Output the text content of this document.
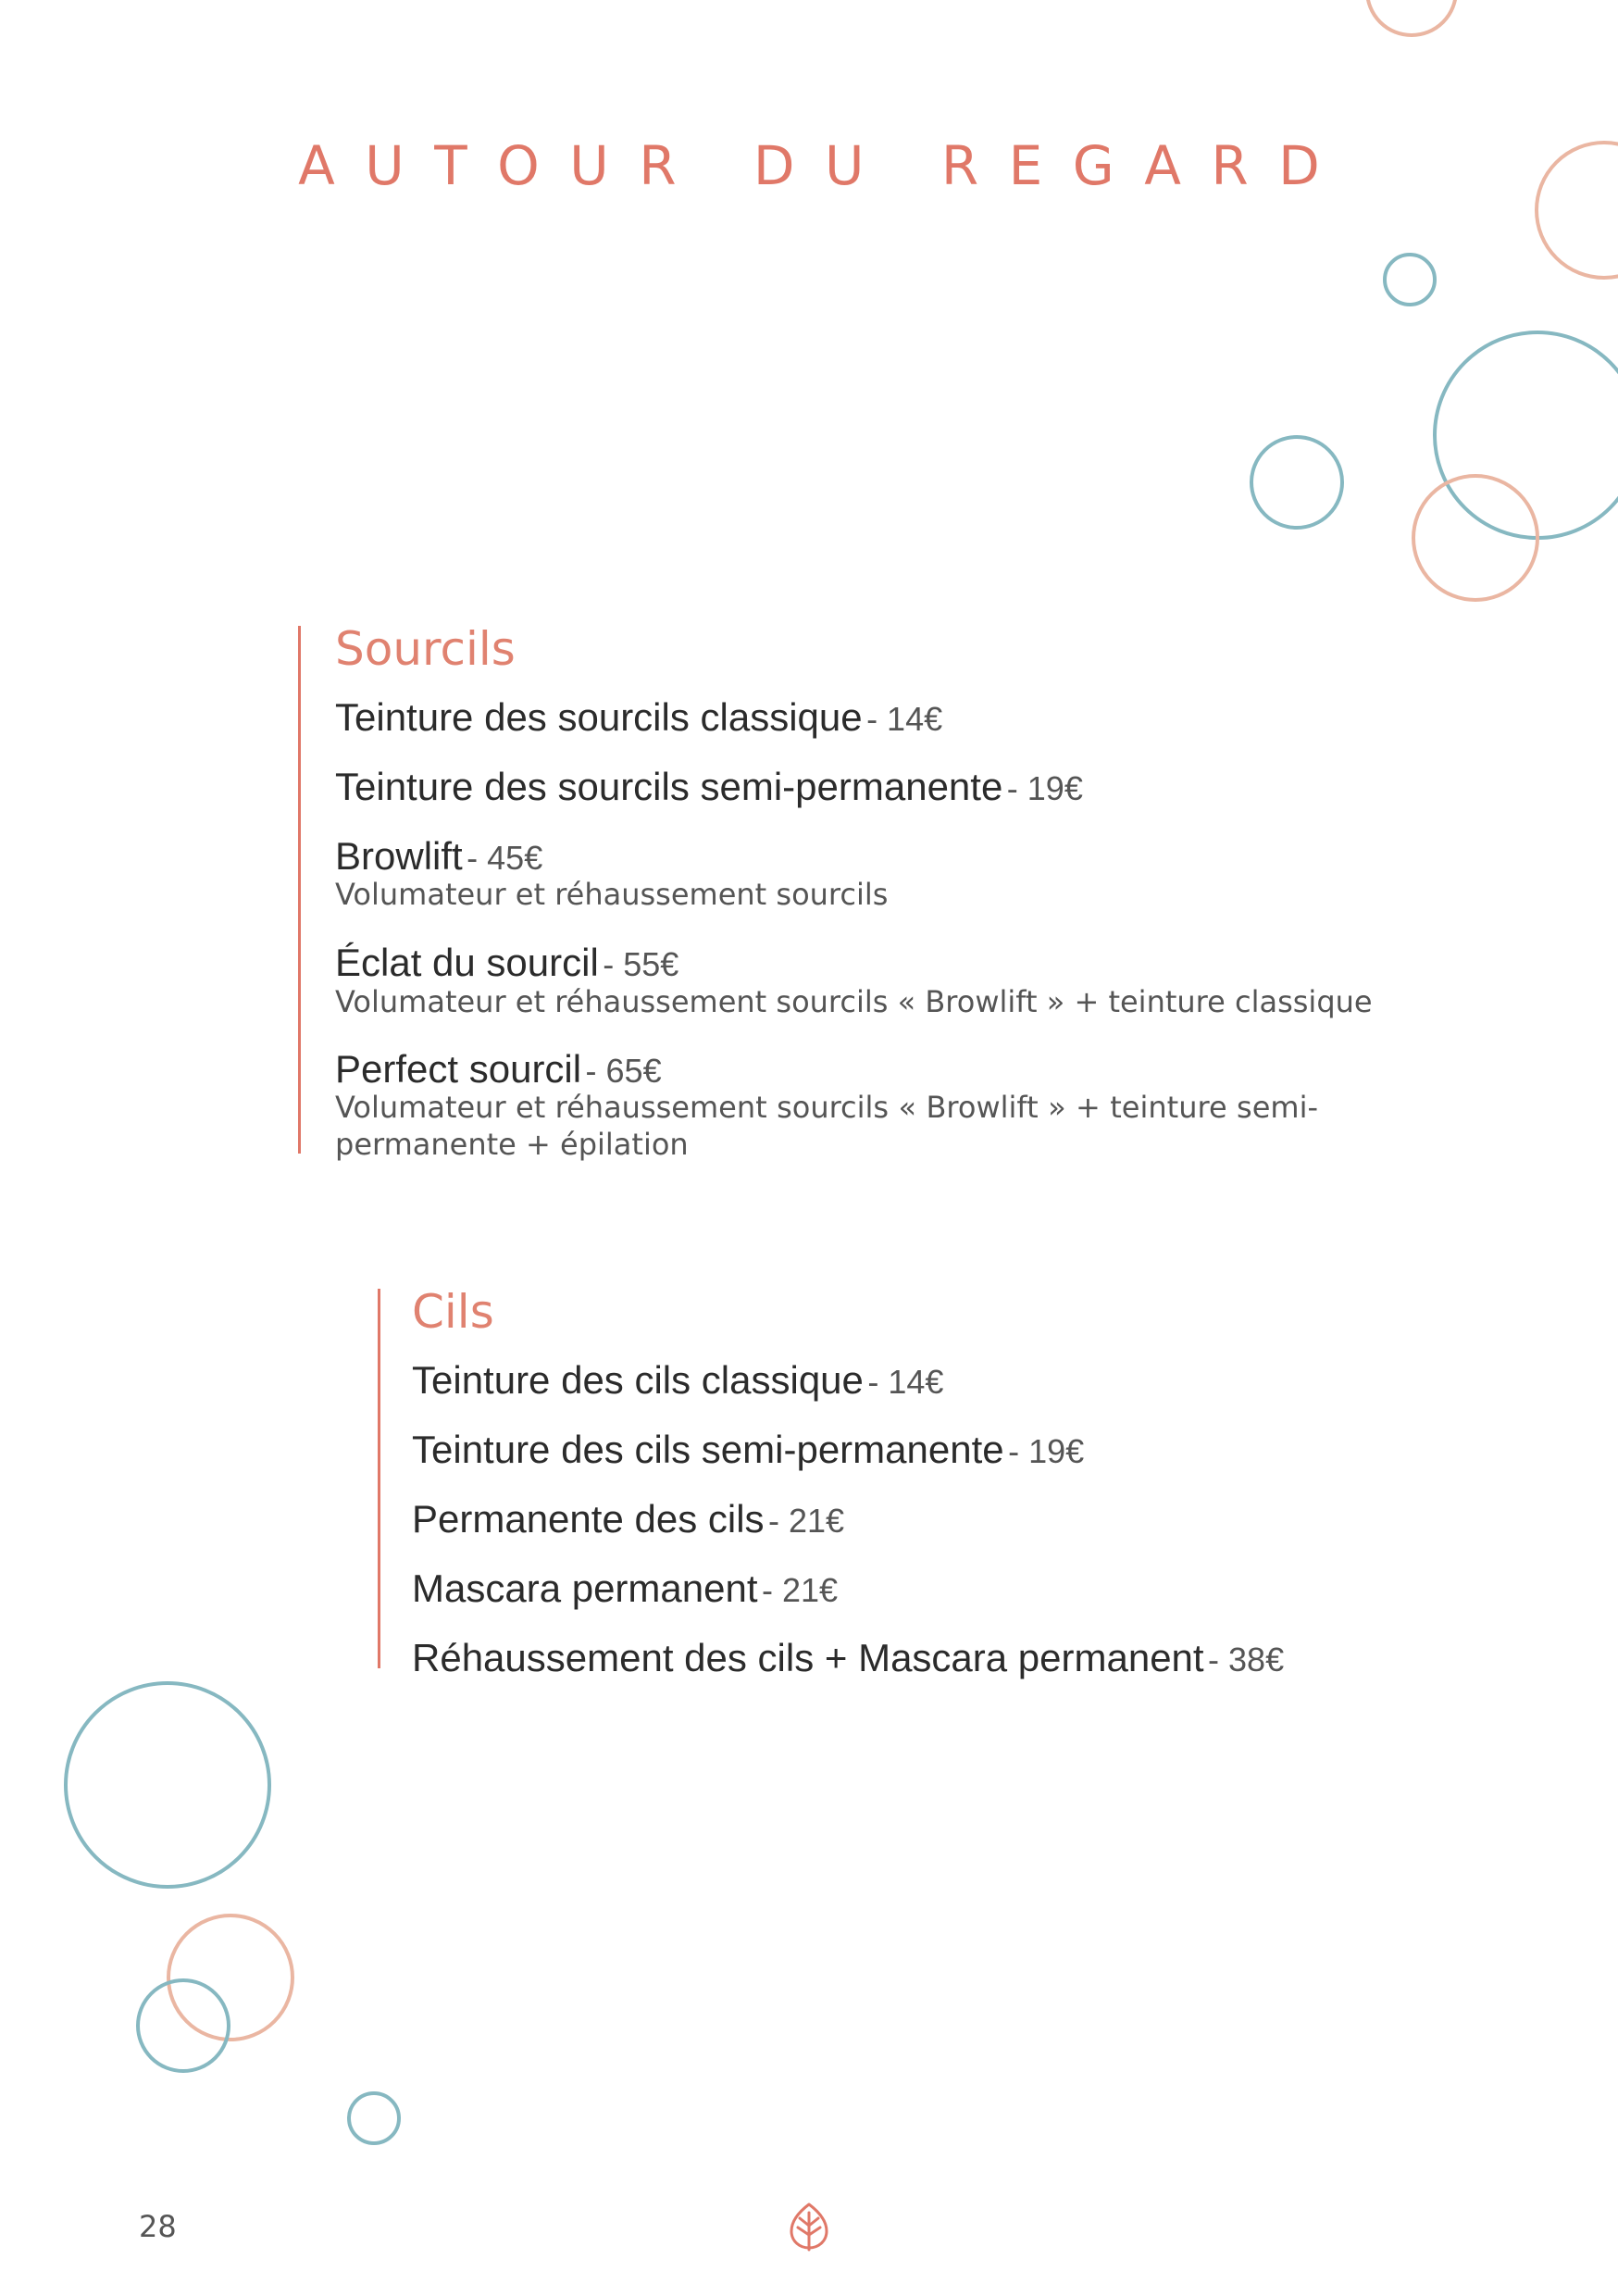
AUTOUR DU REGARD
Sourcils
Teinture des sourcils classique - 14€
Teinture des sourcils semi-permanente - 19€
Browlift - 45€
Volumateur et réhaussement sourcils
Éclat du sourcil - 55€
Volumateur et réhaussement sourcils « Browlift » + teinture classique
Perfect sourcil - 65€
Volumateur et réhaussement sourcils « Browlift » + teinture semi-permanente + épilation
Cils
Teinture des cils classique - 14€
Teinture des cils semi-permanente - 19€
Permanente des cils - 21€
Mascara permanent - 21€
Réhaussement des cils + Mascara permanent - 38€
28
